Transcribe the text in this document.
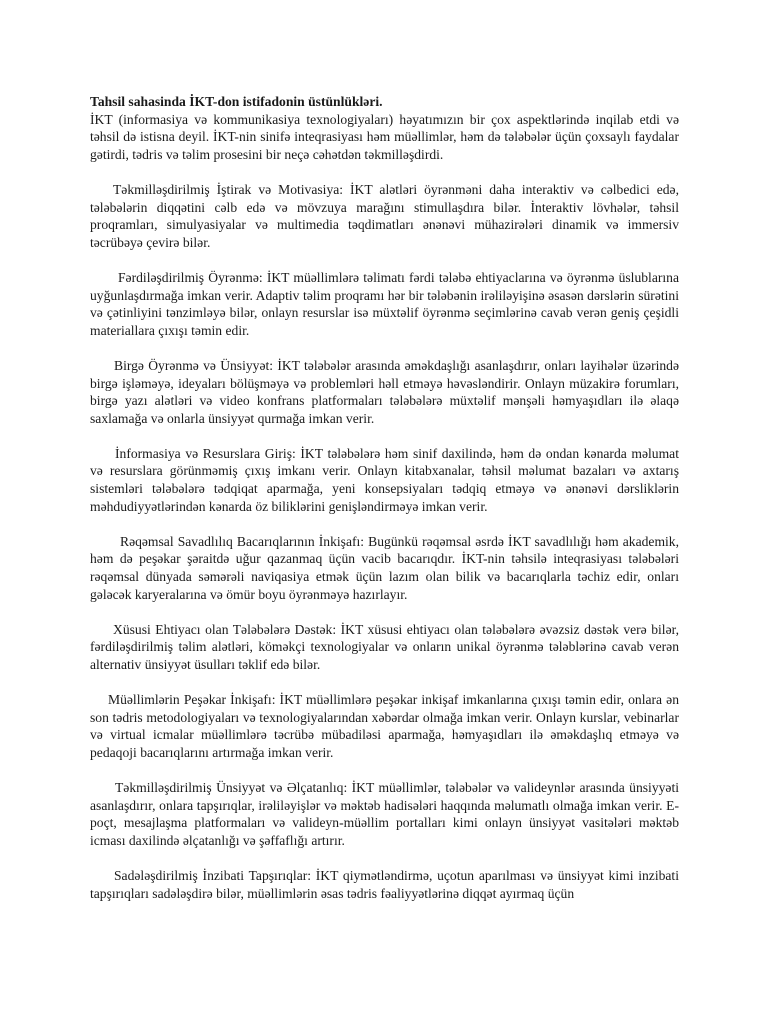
Tahsil sahasinda İKT-don istifadonin üstünlükləri.

İKT (informasiya və kommunikasiya texnologiyaları) həyatımızın bir çox aspektlərində inqilab etdi və təhsil də istisna deyil. İKT-nin sinifə inteqrasiyası həm müəllimlər, həm də tələbələr üçün çoxsaylı faydalar gətirdi, tədris və təlim prosesini bir neçə cəhətdən təkmilləşdirdi.

Təkmilləşdirilmiş İştirak və Motivasiya: İKT alətləri öyrənməni daha interaktiv və cəlbedici edə, tələbələrin diqqətini cəlb edə və mövzuya marağını stimullaşdıra bilər. İnteraktiv lövhələr, təhsil proqramları, simulyasiyalar və multimedia təqdimatları ənənəvi mühazirələri dinamik və immersiv təcrübəyə çevirə bilər.

Fərdiləşdirilmiş Öyrənmə: İKT müəllimlərə təlimatı fərdi tələbə ehtiyaclarına və öyrənmə üslublarına uyğunlaşdırmağa imkan verir. Adaptiv təlim proqramı hər bir tələbənin irəliləyişinə əsasən dərslərin sürətini və çətinliyini tənzimləyə bilər, onlayn resurslar isə müxtəlif öyrənmə seçimlərinə cavab verən geniş çeşidli materiallara çıxışı təmin edir.

Birgə Öyrənmə və Ünsiyyət: İKT tələbələr arasında əməkdaşlığı asanlaşdırır, onları layihələr üzərində birgə işləməyə, ideyaları bölüşməyə və problemləri həll etməyə həvəsləndirir. Onlayn müzakirə forumları, birgə yazı alətləri və video konfrans platformaları tələbələrə müxtəlif mənşəli həmyaşıdları ilə əlaqə saxlamağa və onlarla ünsiyyət qurmağa imkan verir.

İnformasiya və Resurslara Giriş: İKT tələbələrə həm sinif daxilində, həm də ondan kənarda məlumat və resurslara görünməmiş çıxış imkanı verir. Onlayn kitabxanalar, təhsil məlumat bazaları və axtarış sistemləri tələbələrə tədqiqat aparmağa, yeni konsepsiyaları tədqiq etməyə və ənənəvi dərsliklərin məhdudiyyətlərindən kənarda öz biliklərini genişləndirməyə imkan verir.

Rəqəmsal Savadlılıq Bacarıqlarının İnkişafı: Bugünkü rəqəmsal əsrdə İKT savadlılığı həm akademik, həm də peşəkar şəraitdə uğur qazanmaq üçün vacib bacarıqdır. İKT-nin təhsilə inteqrasiyası tələbələri rəqəmsal dünyada səmərəli naviqasiya etmək üçün lazım olan bilik və bacarıqlarla təchiz edir, onları gələcək karyeralarına və ömür boyu öyrənməyə hazırlayır.

Xüsusi Ehtiyacı olan Tələbələrə Dəstək: İKT xüsusi ehtiyacı olan tələbələrə əvəzsiz dəstək verə bilər, fərdiləşdirilmiş təlim alətləri, köməkçi texnologiyalar və onların unikal öyrənmə tələblərinə cavab verən alternativ ünsiyyət üsulları təklif edə bilər.

Müəllimlərin Peşəkar İnkişafı: İKT müəllimlərə peşəkar inkişaf imkanlarına çıxışı təmin edir, onlara ən son tədris metodologiyaları və texnologiyalarından xəbərdar olmağa imkan verir. Onlayn kurslar, vebinarlar və virtual icmalar müəllimlərə təcrübə mübadiləsi aparmağa, həmyaşıdları ilə əməkdaşlıq etməyə və pedaqoji bacarıqlarını artırmağa imkan verir.

Təkmilləşdirilmiş Ünsiyyət və Əlçatanlıq: İKT müəllimlər, tələbələr və valideynlər arasında ünsiyyəti asanlaşdırır, onlara tapşırıqlar, irəliləyişlər və məktəb hadisələri haqqında məlumatlı olmağa imkan verir. E-poçt, mesajlaşma platformaları və valideyn-müəllim portalları kimi onlayn ünsiyyət vasitələri məktəb icması daxilində əlçatanlığı və şəffaflığı artırır.

Sadələşdirilmiş İnzibati Tapşırıqlar: İKT qiymətləndirmə, uçotun aparılması və ünsiyyət kimi inzibati tapşırıqları sadələşdirə bilər, müəllimlərin əsas tədris fəaliyyətlərinə diqqət ayırmaq üçün
